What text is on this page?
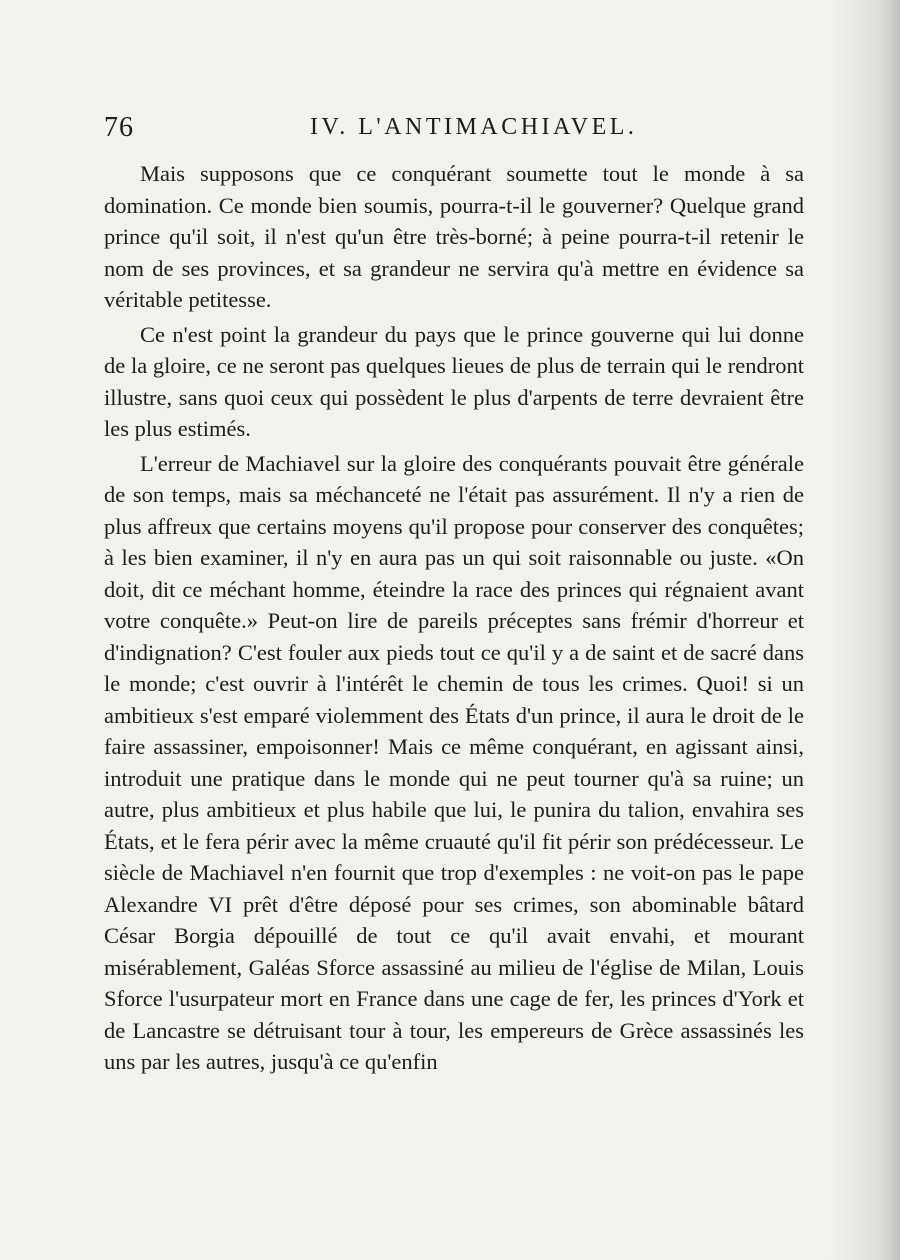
76	IV. L'ANTIMACHIAVEL.

Mais supposons que ce conquérant soumette tout le monde à sa domination. Ce monde bien soumis, pourra-t-il le gouverner? Quelque grand prince qu'il soit, il n'est qu'un être très-borné; à peine pourra-t-il retenir le nom de ses provinces, et sa grandeur ne servira qu'à mettre en évidence sa véritable petitesse.

Ce n'est point la grandeur du pays que le prince gouverne qui lui donne de la gloire, ce ne seront pas quelques lieues de plus de terrain qui le rendront illustre, sans quoi ceux qui possèdent le plus d'arpents de terre devraient être les plus estimés.

L'erreur de Machiavel sur la gloire des conquérants pouvait être générale de son temps, mais sa méchanceté ne l'était pas assurément. Il n'y a rien de plus affreux que certains moyens qu'il propose pour conserver des conquêtes; à les bien examiner, il n'y en aura pas un qui soit raisonnable ou juste. «On doit, dit ce méchant homme, éteindre la race des princes qui régnaient avant votre conquête.» Peut-on lire de pareils préceptes sans frémir d'horreur et d'indignation? C'est fouler aux pieds tout ce qu'il y a de saint et de sacré dans le monde; c'est ouvrir à l'intérêt le chemin de tous les crimes. Quoi! si un ambitieux s'est emparé violemment des États d'un prince, il aura le droit de le faire assassiner, empoisonner! Mais ce même conquérant, en agissant ainsi, introduit une pratique dans le monde qui ne peut tourner qu'à sa ruine; un autre, plus ambitieux et plus habile que lui, le punira du talion, envahira ses États, et le fera périr avec la même cruauté qu'il fit périr son prédécesseur. Le siècle de Machiavel n'en fournit que trop d'exemples : ne voit-on pas le pape Alexandre VI prêt d'être déposé pour ses crimes, son abominable bâtard César Borgia dépouillé de tout ce qu'il avait envahi, et mourant misérablement, Galéas Sforce assassiné au milieu de l'église de Milan, Louis Sforce l'usurpateur mort en France dans une cage de fer, les princes d'York et de Lancastre se détruisant tour à tour, les empereurs de Grèce assassinés les uns par les autres, jusqu'à ce qu'enfin
